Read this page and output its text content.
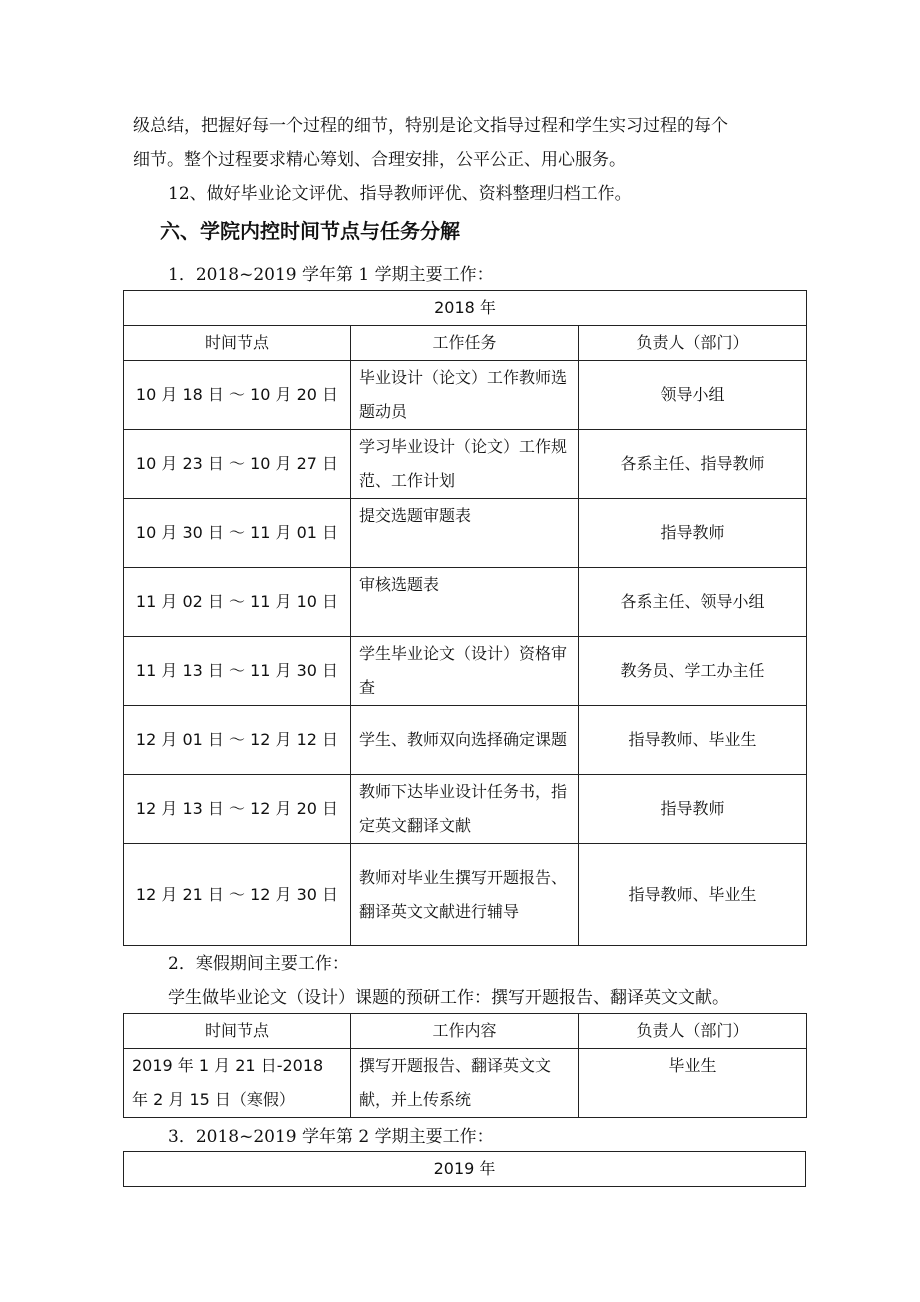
级总结，把握好每一个过程的细节，特别是论文指导过程和学生实习过程的每个
细节。整个过程要求精心筹划、合理安排，公平公正、用心服务。
12、做好毕业论文评优、指导教师评优、资料整理归档工作。
六、学院内控时间节点与任务分解
1．2018~2019 学年第 1 学期主要工作：
2018 年		
时间节点	工作任务	负责人（部门）
10 月 18 日 ～ 10 月 20 日	毕业设计（论文）工作教师选题动员	领导小组
10 月 23 日 ～ 10 月 27 日	学习毕业设计（论文）工作规范、工作计划	各系主任、指导教师
10 月 30 日 ～ 11 月 01 日	提交选题审题表	指导教师
11 月 02 日 ～ 11 月 10 日	审核选题表	各系主任、领导小组
11 月 13 日 ～ 11 月 30 日	学生毕业论文（设计）资格审查	教务员、学工办主任
12 月 01 日 ～ 12 月 12 日	学生、教师双向选择确定课题	指导教师、毕业生
12 月 13 日 ～ 12 月 20 日	教师下达毕业设计任务书，指定英文翻译文献	指导教师
12 月 21 日 ～ 12 月 30 日	教师对毕业生撰写开题报告、翻译英文文献进行辅导	指导教师、毕业生
2．寒假期间主要工作：
学生做毕业论文（设计）课题的预研工作：撰写开题报告、翻译英文文献。
时间节点	工作内容	负责人（部门）
2019 年 1 月 21 日-2018 年 2 月 15 日（寒假）	撰写开题报告、翻译英文文献，并上传系统	毕业生
3．2018~2019 学年第 2 学期主要工作：
2019 年
